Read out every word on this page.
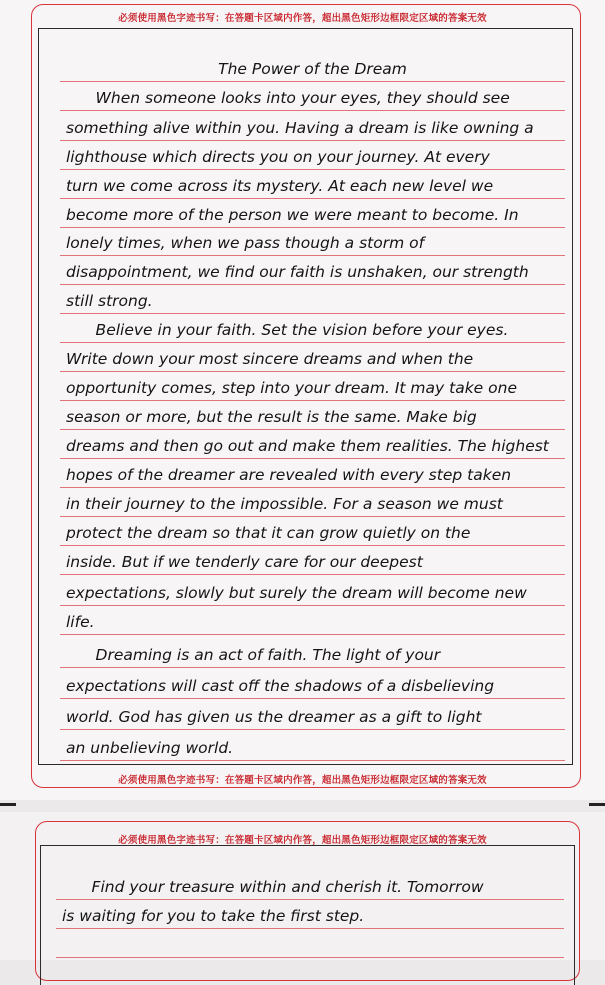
必须使用黑色字迹书写：在答题卡区域内作答，超出黑色矩形边框限定区域的答案无效
The Power of the Dream
When someone looks into your eyes, they should see
something alive within you. Having a dream is like owning a
lighthouse which directs you on your journey. At every
turn we come across its mystery. At each new level we
become more of the person we were meant to become. In
lonely times, when we pass though a storm of
disappointment, we find our faith is unshaken, our strength
still strong.
Believe in your faith. Set the vision before your eyes.
Write down your most sincere dreams and when the
opportunity comes, step into your dream. It may take one
season or more, but the result is the same. Make big
dreams and then go out and make them realities. The highest
hopes of the dreamer are revealed with every step taken
in their journey to the impossible. For a season we must
protect the dream so that it can grow quietly on the
inside. But if we tenderly care for our deepest
expectations, slowly but surely the dream will become new
life.
Dreaming is an act of faith. The light of your
expectations will cast off the shadows of a disbelieving
world. God has given us the dreamer as a gift to light
an unbelieving world.
必须使用黑色字迹书写：在答题卡区域内作答，超出黑色矩形边框限定区域的答案无效
必须使用黑色字迹书写：在答题卡区域内作答，超出黑色矩形边框限定区域的答案无效
Find your treasure within and cherish it. Tomorrow
is waiting for you to take the first step.
